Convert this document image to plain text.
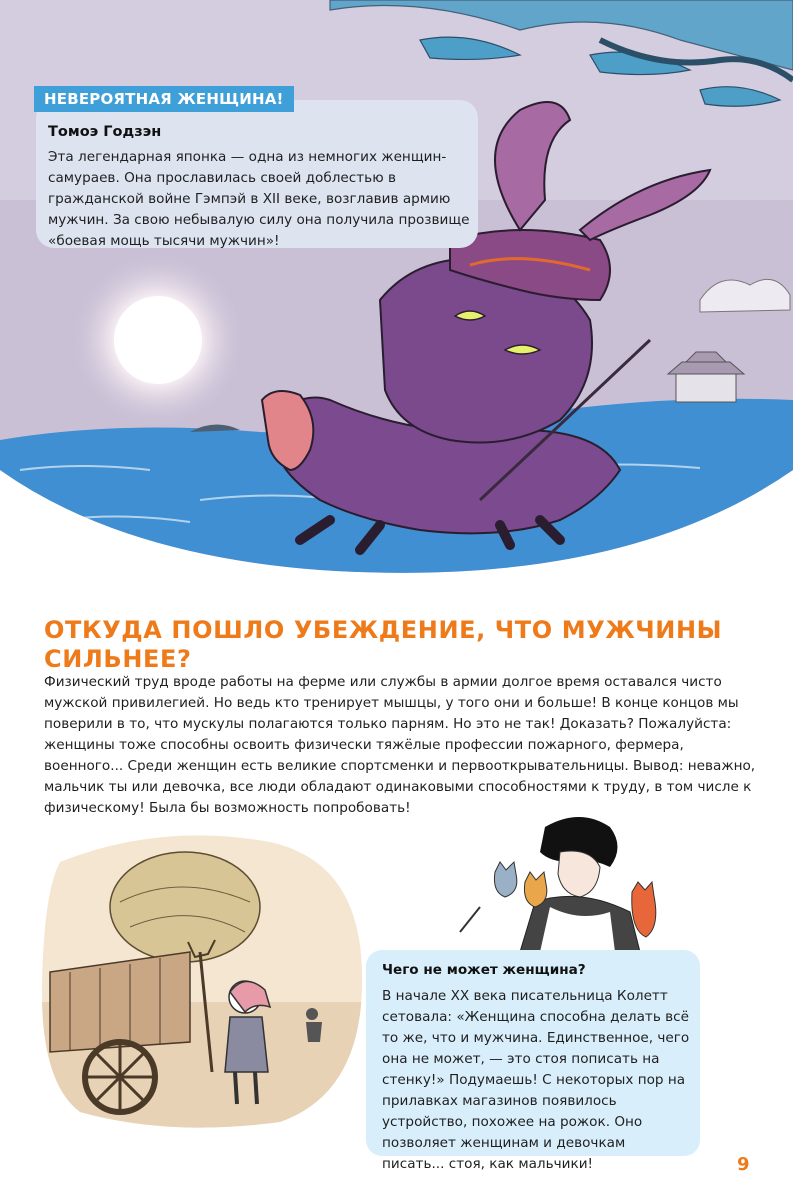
НЕВЕРОЯТНАЯ ЖЕНЩИНА!
Томоэ Годзэн
Эта легендарная японка — одна из немногих женщин-самураев. Она прославилась своей доблестью в гражданской войне Гэмпэй в XII веке, возглавив армию мужчин. За свою небывалую силу она получила прозвище «боевая мощь тысячи мужчин»!
ОТКУДА ПОШЛО УБЕЖДЕНИЕ, ЧТО МУЖЧИНЫ СИЛЬНЕЕ?
Физический труд вроде работы на ферме или службы в армии долгое время оставался чисто мужской привилегией. Но ведь кто тренирует мышцы, у того они и больше! В конце концов мы поверили в то, что мускулы полагаются только парням. Но это не так! Доказать? Пожалуйста: женщины тоже способны освоить физически тяжёлые профессии пожарного, фермера, военного... Среди женщин есть великие спортсменки и первооткрывательницы. Вывод: неважно, мальчик ты или девочка, все люди обладают одинаковыми способностями к труду, в том числе к физическому! Была бы возможность попробовать!
Чего не может женщина?
В начале XX века писательница Колетт сетовала: «Женщина способна делать всё то же, что и мужчина. Единственное, чего она не может, — это стоя пописать на стенку!» Подумаешь! С некоторых пор на прилавках магазинов появилось устройство, похожее на рожок. Оно позволяет женщинам и девочкам писать... стоя, как мальчики!	9
